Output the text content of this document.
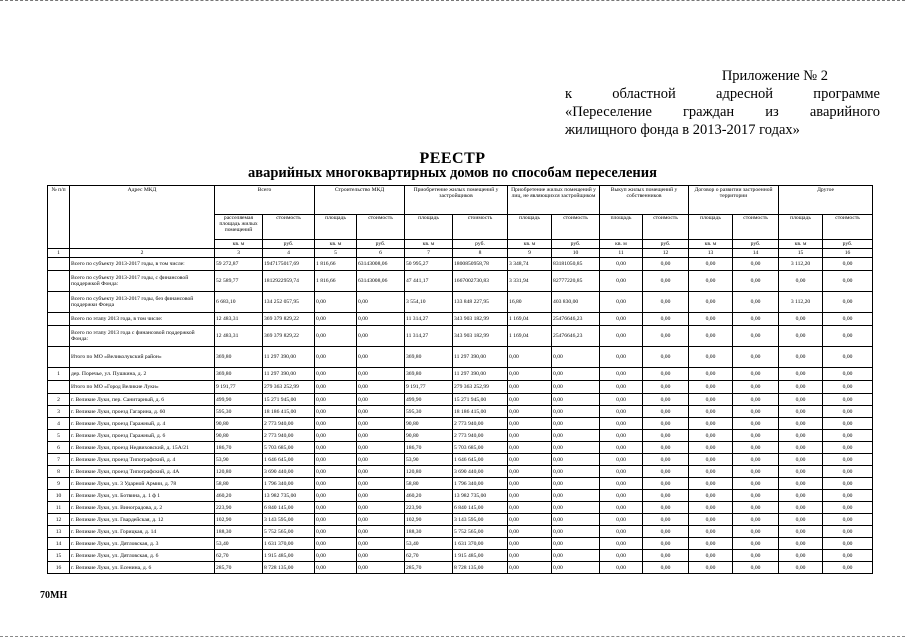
Приложение № 2
к областной адресной программе
«Переселение граждан из аварийного
жилищного фонда в 2013-2017 годах»
РЕЕСТР
аварийных многоквартирных домов по способам переселения
№ п/п	Адрес МКД	Всего		Строительство МКД		Приобретение жилых помещений у застройщиков		Приобретение жилых помещений у лиц, не являющихся застройщиком		Выкуп жилых помещений у собственников		Договор о развитии застроенной территории		Другое	
		расселяемая площадь жилых помещений	стоимость	площадь	стоимость	площадь	стоимость	площадь	стоимость	площадь	стоимость	площадь	стоимость	площадь	стоимость
		кв. м	руб.	кв. м	руб.	кв. м	руб.	кв. м	руб.	кв. м	руб.	кв. м	руб.	кв. м	руб.
1	2	3	4	5	6	7	8	9	10	11	12	13	14	15	16
	Всего по субъекту 2013-2017 годы, в том числе:	59 272,87	1947175017,69	1 816,66	63143008,06	50 995,27	1800850958,78	3 348,74	83181050,85	0,00	0,00	0,00	0,00	3 112,20	0,00
	Всего по субъекту 2013-2017 годы, с финансовой поддержкой Фонда:	52 589,77	1812922959,74	1 816,66	63143008,06	47 441,17	1667002730,83	3 331,94	82777220,85	0,00	0,00	0,00	0,00	0,00	0,00
	Всего по субъекту 2013-2017 годы, без финансовой поддержки Фонда	6 683,10	134 252 057,95	0,00	0,00	3 554,10	133 848 227,95	16,80	403 830,00	0,00	0,00	0,00	0,00	3 112,20	0,00
	Всего по этапу 2013 года, в том числе:	12 483,31	369 379 829,22	0,00	0,00	11 314,27	343 903 182,99	1 169,04	25476646,23	0,00	0,00	0,00	0,00	0,00	0,00
	Всего по этапу 2013 года с финансовой поддержкой Фонда:	12 483,31	369 379 829,22	0,00	0,00	11 314,27	343 903 182,99	1 169,04	25476646,23	0,00	0,00	0,00	0,00	0,00	0,00
	Итого по МО «Великолукский район»	369,80	11 297 390,00	0,00	0,00	369,80	11 297 390,00	0,00	0,00	0,00	0,00	0,00	0,00	0,00	0,00
1	дер. Поречье, ул. Пушкина, д. 2	369,80	11 297 390,00	0,00	0,00	369,80	11 297 390,00	0,00	0,00	0,00	0,00	0,00	0,00	0,00	0,00
	Итого по МО «Город Великие Луки»	9 191,77	279 363 252,99	0,00	0,00	9 191,77	279 363 252,99	0,00	0,00	0,00	0,00	0,00	0,00	0,00	0,00
2	г. Великие Луки, пер. Санитарный, д. 6	499,90	15 271 945,00	0,00	0,00	499,90	15 271 945,00	0,00	0,00	0,00	0,00	0,00	0,00	0,00	0,00
3	г. Великие Луки, проезд Гагарина, д. 60	595,30	18 186 415,00	0,00	0,00	595,30	18 186 415,00	0,00	0,00	0,00	0,00	0,00	0,00	0,00	0,00
4	г. Великие Луки, проезд Гаражный, д. 4	90,80	2 773 940,00	0,00	0,00	90,80	2 773 940,00	0,00	0,00	0,00	0,00	0,00	0,00	0,00	0,00
5	г. Великие Луки, проезд Гаражный, д. 6	90,80	2 773 940,00	0,00	0,00	90,80	2 773 940,00	0,00	0,00	0,00	0,00	0,00	0,00	0,00	0,00
6	г. Великие Луки, проезд Недвиховский, д. 15А/21	186,70	5 703 685,00	0,00	0,00	186,70	5 703 685,00	0,00	0,00	0,00	0,00	0,00	0,00	0,00	0,00
7	г. Великие Луки, проезд Типографский, д. 4	53,90	1 646 645,00	0,00	0,00	53,90	1 646 645,00	0,00	0,00	0,00	0,00	0,00	0,00	0,00	0,00
8	г. Великие Луки, проезд Типографский, д. 4А	120,80	3 690 440,00	0,00	0,00	120,80	3 690 440,00	0,00	0,00	0,00	0,00	0,00	0,00	0,00	0,00
9	г. Великие Луки, ул. 3 Ударной Армии, д. 78	58,80	1 796 340,00	0,00	0,00	58,80	1 796 340,00	0,00	0,00	0,00	0,00	0,00	0,00	0,00	0,00
10	г. Великие Луки, ул. Ботвина, д. 1 ф 1	460,20	13 982 735,00	0,00	0,00	460,20	13 982 735,00	0,00	0,00	0,00	0,00	0,00	0,00	0,00	0,00
11	г. Великие Луки, ул. Виноградова, д. 2	223,90	6 840 145,00	0,00	0,00	223,90	6 840 145,00	0,00	0,00	0,00	0,00	0,00	0,00	0,00	0,00
12	г. Великие Луки, ул. Гвардейская, д. 12	102,90	3 143 595,00	0,00	0,00	102,90	3 143 595,00	0,00	0,00	0,00	0,00	0,00	0,00	0,00	0,00
13	г. Великие Луки, ул. Горицкая, д. 14	188,30	5 752 565,00	0,00	0,00	188,30	5 752 565,00	0,00	0,00	0,00	0,00	0,00	0,00	0,00	0,00
14	г. Великие Луки, ул. Дятловская, д. 3	53,40	1 631 370,00	0,00	0,00	53,40	1 631 370,00	0,00	0,00	0,00	0,00	0,00	0,00	0,00	0,00
15	г. Великие Луки, ул. Дятловская, д. 6	62,70	1 915 485,00	0,00	0,00	62,70	1 915 485,00	0,00	0,00	0,00	0,00	0,00	0,00	0,00	0,00
16	г. Великие Луки, ул. Есенина, д. 6	285,70	8 728 135,00	0,00	0,00	285,70	8 728 135,00	0,00	0,00	0,00	0,00	0,00	0,00	0,00	0,00
70МН
